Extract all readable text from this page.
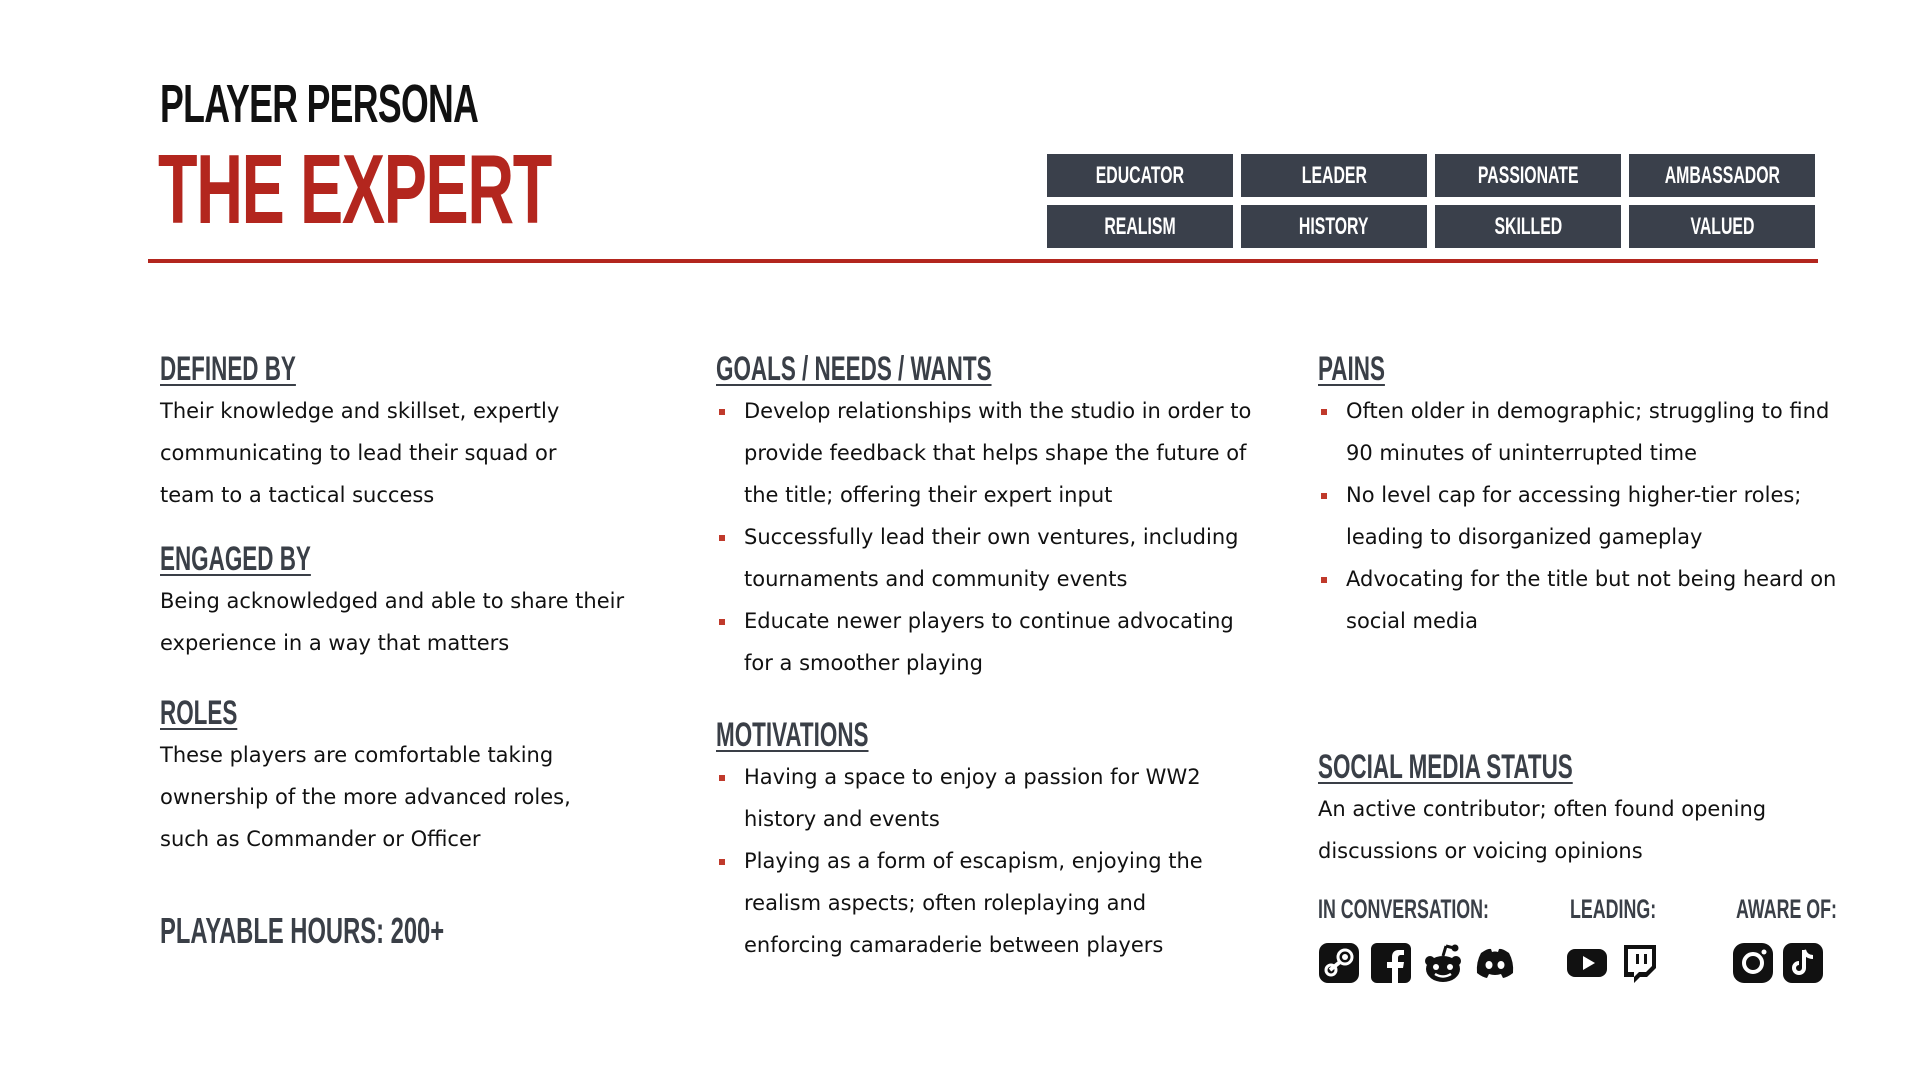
PLAYER PERSONA
THE EXPERT	EDUCATOR	LEADER	PASSIONATE	AMBASSADOR
REALISM	HISTORY	SKILLED	VALUED
DEFINED BY

Their knowledge and skillset, expertly communicating to lead their squad or team to a tactical success

ENGAGED BY

Being acknowledged and able to share their experience in a way that matters

ROLES

These players are comfortable taking ownership of the more advanced roles, such as Commander or Officer

PLAYABLE HOURS: 200+
GOALS / NEEDS / WANTS
Develop relationships with the studio in order to provide feedback that helps shape the future of the title; offering their expert input
Successfully lead their own ventures, including tournaments and community events
Educate newer players to continue advocating for a smoother playing
MOTIVATIONS
Having a space to enjoy a passion for WW2 history and events
Playing as a form of escapism, enjoying the realism aspects; often roleplaying and enforcing camaraderie between players
PAINS
Often older in demographic; struggling to find 90 minutes of uninterrupted time
No level cap for accessing higher-tier roles; leading to disorganized gameplay
Advocating for the title but not being heard on social media
SOCIAL MEDIA STATUS

An active contributor; often found opening discussions or voicing opinions

IN CONVERSATION:	LEADING:	AWARE OF:
